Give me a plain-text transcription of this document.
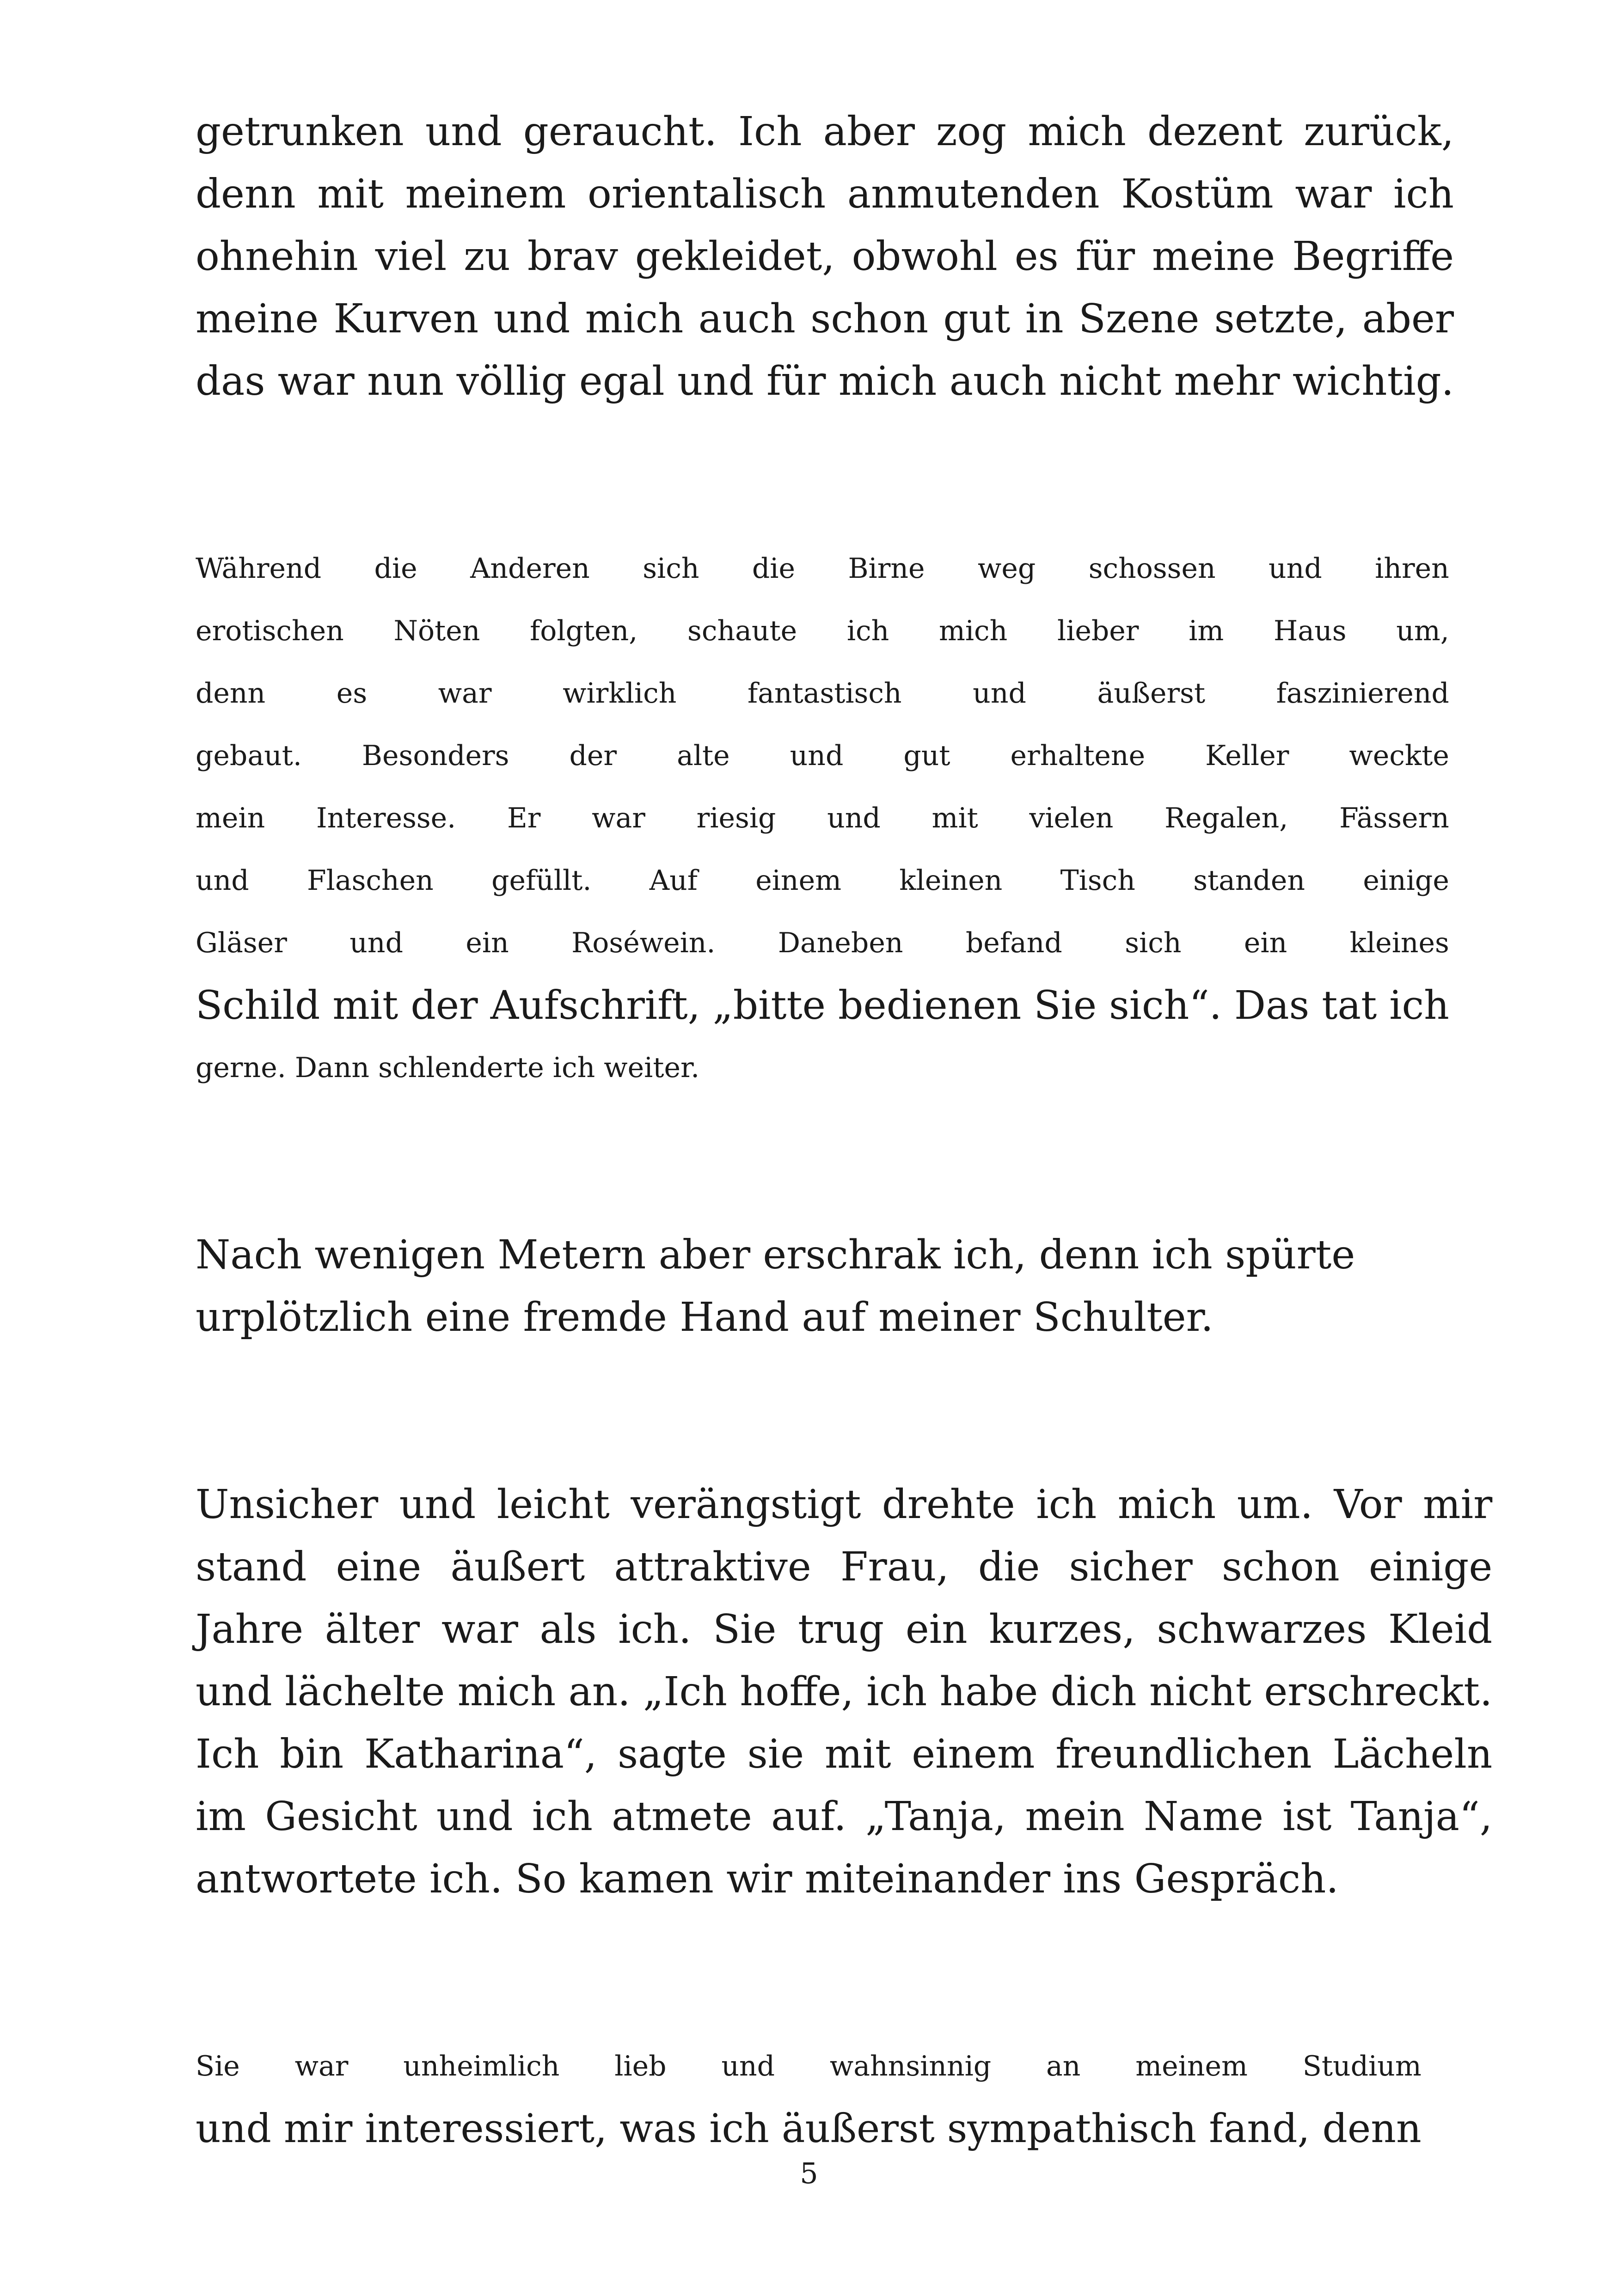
getrunken und geraucht. Ich aber zog mich dezent zurück,
denn mit meinem orientalisch anmutenden Kostüm war ich
ohnehin viel zu brav gekleidet, obwohl es für meine Begriffe
meine Kurven und mich auch schon gut in Szene setzte, aber
das war nun völlig egal und für mich auch nicht mehr wichtig.

Während die Anderen sich die Birne weg schossen und ihren
erotischen Nöten folgten, schaute ich mich lieber im Haus um,
denn es war wirklich fantastisch und äußerst faszinierend
gebaut. Besonders der alte und gut erhaltene Keller weckte
mein Interesse. Er war riesig und mit vielen Regalen, Fässern
und Flaschen gefüllt. Auf einem kleinen Tisch standen einige
Gläser und ein Roséwein. Daneben befand sich ein kleines
Schild mit der Aufschrift, „bitte bedienen Sie sich“. Das tat ich
gerne. Dann schlenderte ich weiter.

Nach wenigen Metern aber erschrak ich, denn ich spürte
urplötzlich eine fremde Hand auf meiner Schulter.

Unsicher und leicht verängstigt drehte ich mich um. Vor mir
stand eine äußert attraktive Frau, die sicher schon einige
Jahre älter war als ich. Sie trug ein kurzes, schwarzes Kleid
und lächelte mich an. „Ich hoffe, ich habe dich nicht erschreckt.
Ich bin Katharina“, sagte sie mit einem freundlichen Lächeln
im Gesicht und ich atmete auf. „Tanja, mein Name ist Tanja“,
antwortete ich. So kamen wir miteinander ins Gespräch.

Sie war unheimlich lieb und wahnsinnig an meinem Studium
und mir interessiert, was ich äußerst sympathisch fand, denn

5
